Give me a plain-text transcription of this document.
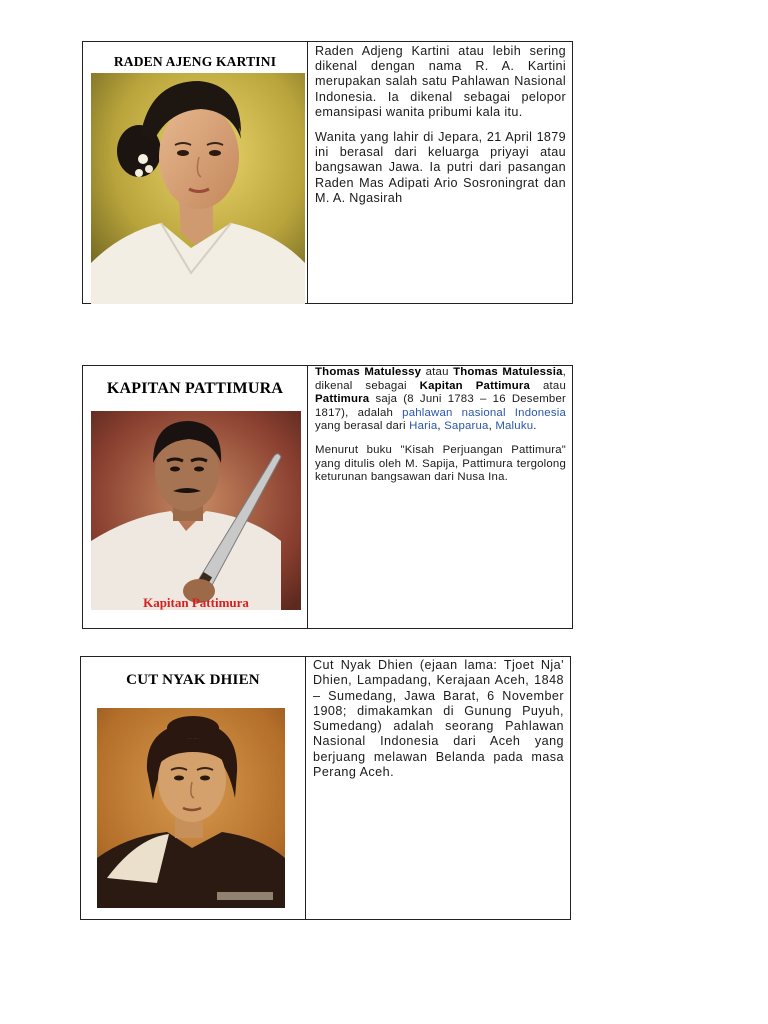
RADEN AJENG KARTINI

Raden Adjeng Kartini atau lebih sering dikenal dengan nama R. A. Kartini merupakan salah satu Pahlawan Nasional Indonesia. Ia dikenal sebagai pelopor emansipasi wanita pribumi kala itu.

Wanita yang lahir di Jepara, 21 April 1879 ini berasal dari keluarga priyayi atau bangsawan Jawa. Ia putri dari pasangan Raden Mas Adipati Ario Sosroningrat dan M. A. Ngasirah

KAPITAN PATTIMURA
Kapitan Pattimura

Thomas Matulessy atau Thomas Matulessia, dikenal sebagai Kapitan Pattimura atau Pattimura saja (8 Juni 1783 – 16 Desember 1817), adalah pahlawan nasional Indonesia yang berasal dari Haria, Saparua, Maluku.

Menurut buku "Kisah Perjuangan Pattimura" yang ditulis oleh M. Sapija, Pattimura tergolong keturunan bangsawan dari Nusa Ina.

CUT NYAK DHIEN

Cut Nyak Dhien (ejaan lama: Tjoet Nja' Dhien, Lampadang, Kerajaan Aceh, 1848 – Sumedang, Jawa Barat, 6 November 1908; dimakamkan di Gunung Puyuh, Sumedang) adalah seorang Pahlawan Nasional Indonesia dari Aceh yang berjuang melawan Belanda pada masa Perang Aceh.
